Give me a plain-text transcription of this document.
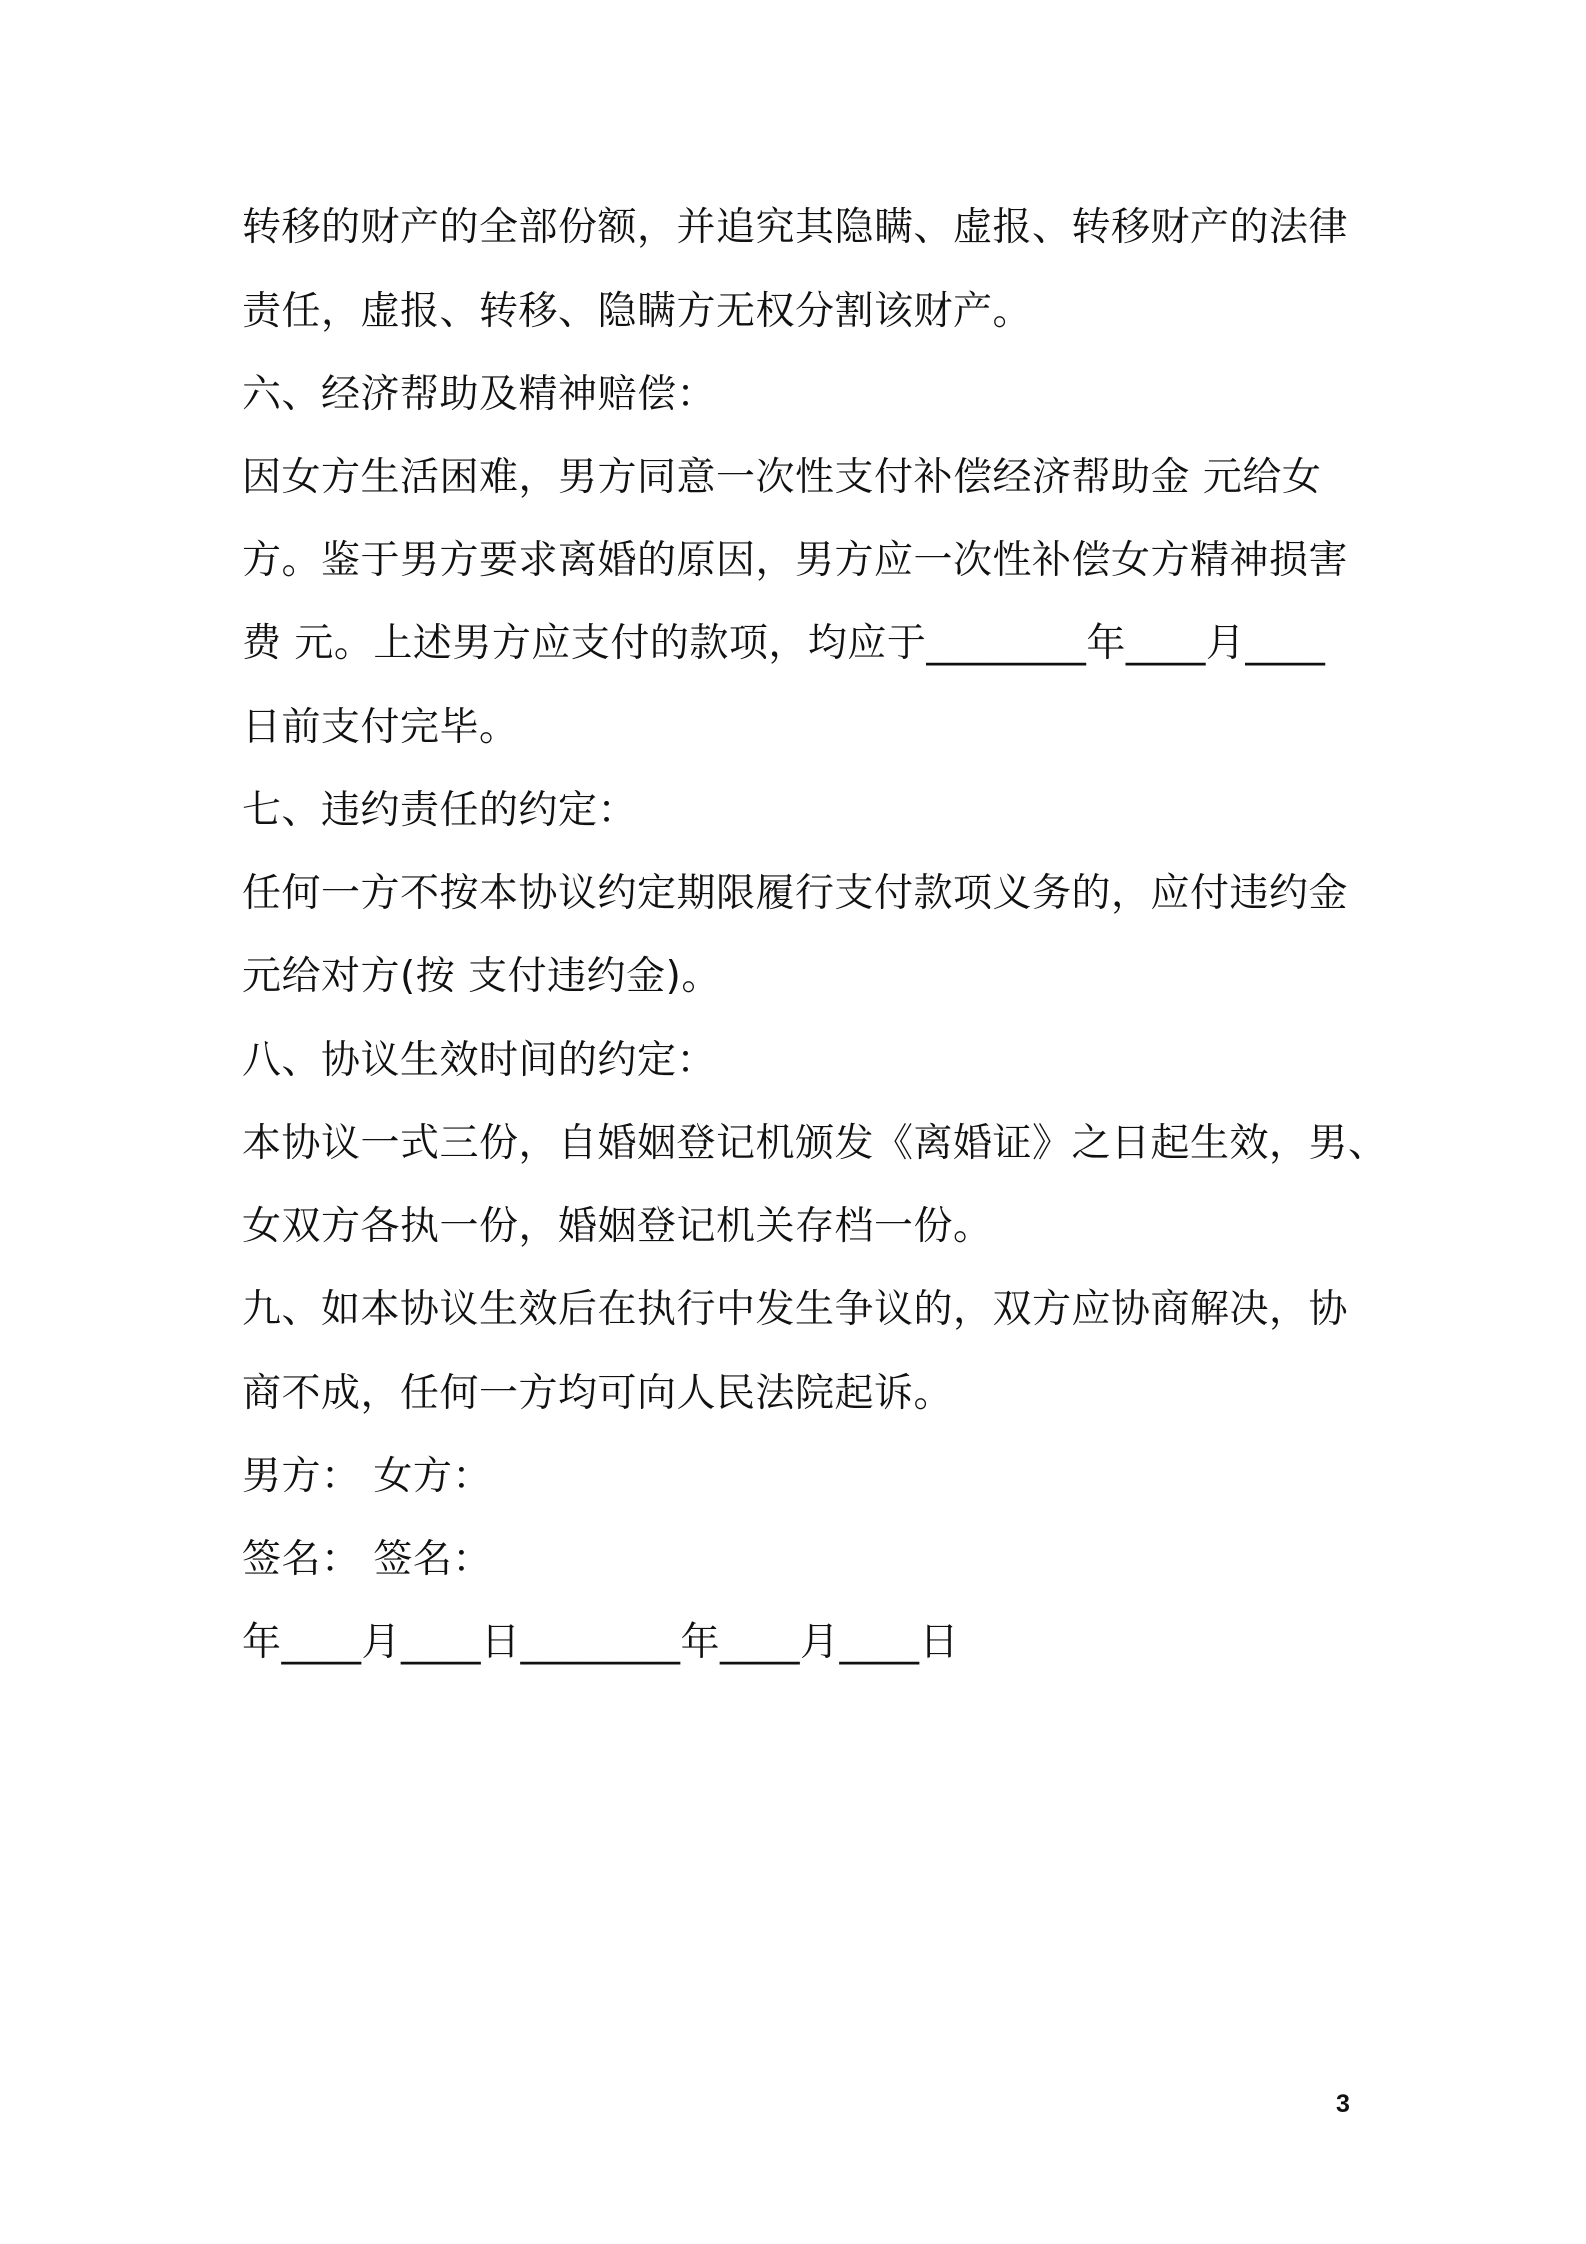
转移的财产的全部份额，并追究其隐瞒、虚报、转移财产的法律
责任，虚报、转移、隐瞒方无权分割该财产。
六、经济帮助及精神赔偿：
因女方生活困难，男方同意一次性支付补偿经济帮助金 元给女
方。鉴于男方要求离婚的原因，男方应一次性补偿女方精神损害
费 元。上述男方应支付的款项，均应于________年____月____
日前支付完毕。
七、违约责任的约定：
任何一方不按本协议约定期限履行支付款项义务的，应付违约金
元给对方(按 支付违约金)。
八、协议生效时间的约定：
本协议一式三份，自婚姻登记机颁发《离婚证》之日起生效，男、
女双方各执一份，婚姻登记机关存档一份。
九、如本协议生效后在执行中发生争议的，双方应协商解决，协
商不成，任何一方均可向人民法院起诉。
男方： 女方：
签名： 签名：
年____月____日________年____月____日
3
